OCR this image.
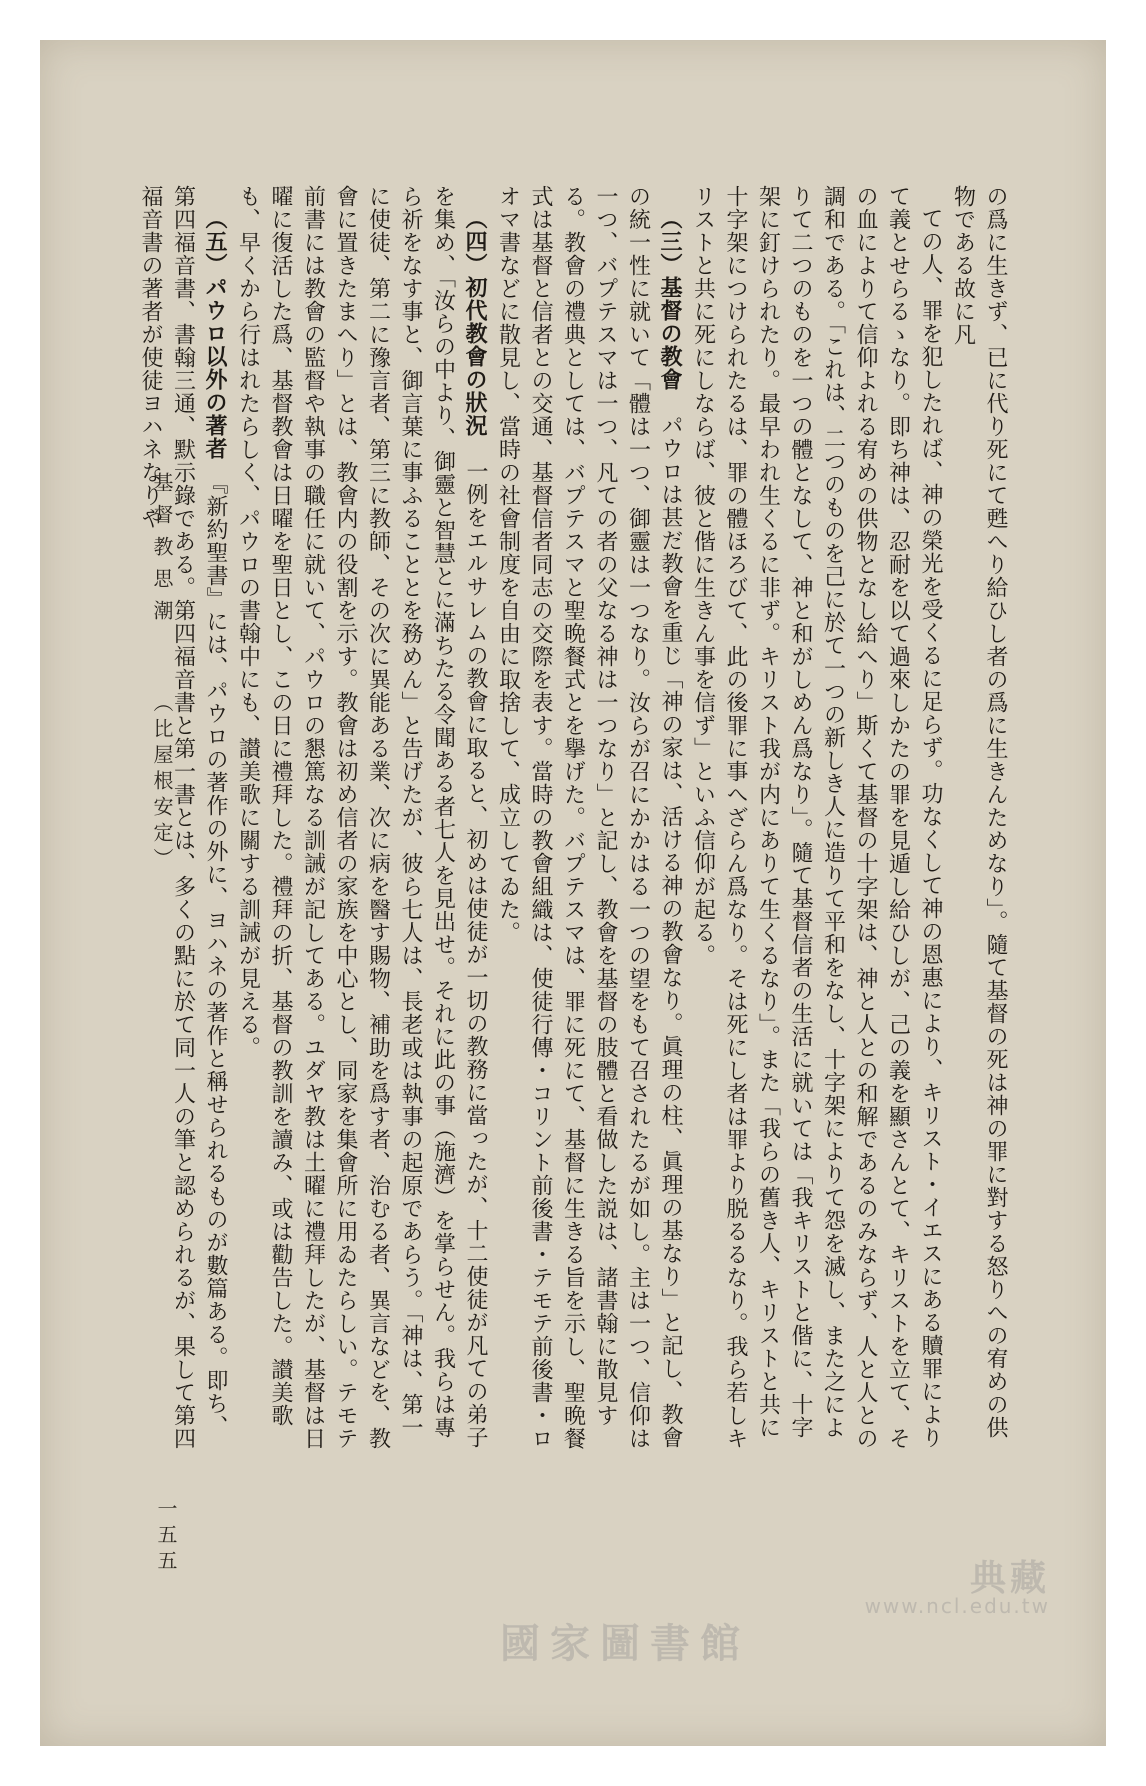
の爲に生きず、已に代り死にて甦へり給ひし者の爲に生きんためなり」。隨て基督の死は神の罪に對する怒りへの宥めの供物である故に凡

ての人、罪を犯したれば、神の榮光を受くるに足らず。功なくして神の恩惠により、キリスト・イエスにある贖罪によりて義とせらるゝなり。即ち神は、忍耐を以て過來しかたの罪を見遁し給ひしが、己の義を顯さんとて、キリストを立て、その血によりて信仰よれる宥めの供物となし給へり」斯くて基督の十字架は、神と人との和解であるのみならず、人と人との調和である。「これは、二つのものを己に於て一つの新しき人に造りて平和をなし、十字架によりて怨を滅し、また之によりて二つのものを一つの體となして、神と和がしめん爲なり」。隨て基督信者の生活に就いては「我キリストと偕に、十字架に釘けられたり。最早われ生くるに非ず。キリスト我が内にありて生くるなり」。また「我らの舊き人、キリストと共に十字架につけられたるは、罪の體ほろびて、此の後罪に事へざらん爲なり。そは死にし者は罪より脱るるなり。我ら若しキリストと共に死にしならば、彼と偕に生きん事を信ず」といふ信仰が起る。

（三）基督の教會　パウロは甚だ教會を重じ「神の家は、活ける神の教會なり。眞理の柱、眞理の基なり」と記し、教會の統一性に就いて「體は一つ、御靈は一つなり。汝らが召にかかはる一つの望をもて召されたるが如し。主は一つ、信仰は一つ、バプテスマは一つ、凡ての者の父なる神は一つなり」と記し、教會を基督の肢體と看做した説は、諸書翰に散見する。教會の禮典としては、バプテスマと聖晩餐式とを擧げた。バプテスマは、罪に死にて、基督に生きる旨を示し、聖晩餐式は基督と信者との交通、基督信者同志の交際を表す。當時の教會組織は、使徒行傳・コリント前後書・テモテ前後書・ロオマ書などに散見し、當時の社會制度を自由に取捨して、成立してゐた。

（四）初代教會の狀況　一例をエルサレムの教會に取ると、初めは使徒が一切の教務に當ったが、十二使徒が凡ての弟子を集め、「汝らの中より、御靈と智慧とに滿ちたる令聞ある者七人を見出せ。それに此の事（施濟）を掌らせん。我らは專ら祈をなす事と、御言葉に事ふることとを務めん」と告げたが、彼ら七人は、長老或は執事の起原であらう。「神は、第一に使徒、第二に豫言者、第三に教師、その次に異能ある業、次に病を醫す賜物、補助を爲す者、治むる者、異言などを、教會に置きたまへり」とは、教會内の役割を示す。教會は初め信者の家族を中心とし、同家を集會所に用ゐたらしい。テモテ前書には教會の監督や執事の職任に就いて、パウロの懇篤なる訓誡が記してある。ユダヤ教は土曜に禮拜したが、基督は日曜に復活した爲、基督教會は日曜を聖日とし、この日に禮拜した。禮拜の折、基督の教訓を讀み、或は勸告した。讃美歌も、早くから行はれたらしく、パウロの書翰中にも、讃美歌に關する訓誡が見える。

（五）パウロ以外の著者　『新約聖書』には、パウロの著作の外に、ヨハネの著作と稱せられるものが數篇ある。即ち、第四福音書、書翰三通、默示錄である。第四福音書と第一書とは、多くの點に於て同一人の筆と認められるが、果して第四福音書の著者が使徒ヨハネなりや

基督教思潮 （比屋根安定）
一五五
典藏
www.ncl.edu.tw
國家圖書館
